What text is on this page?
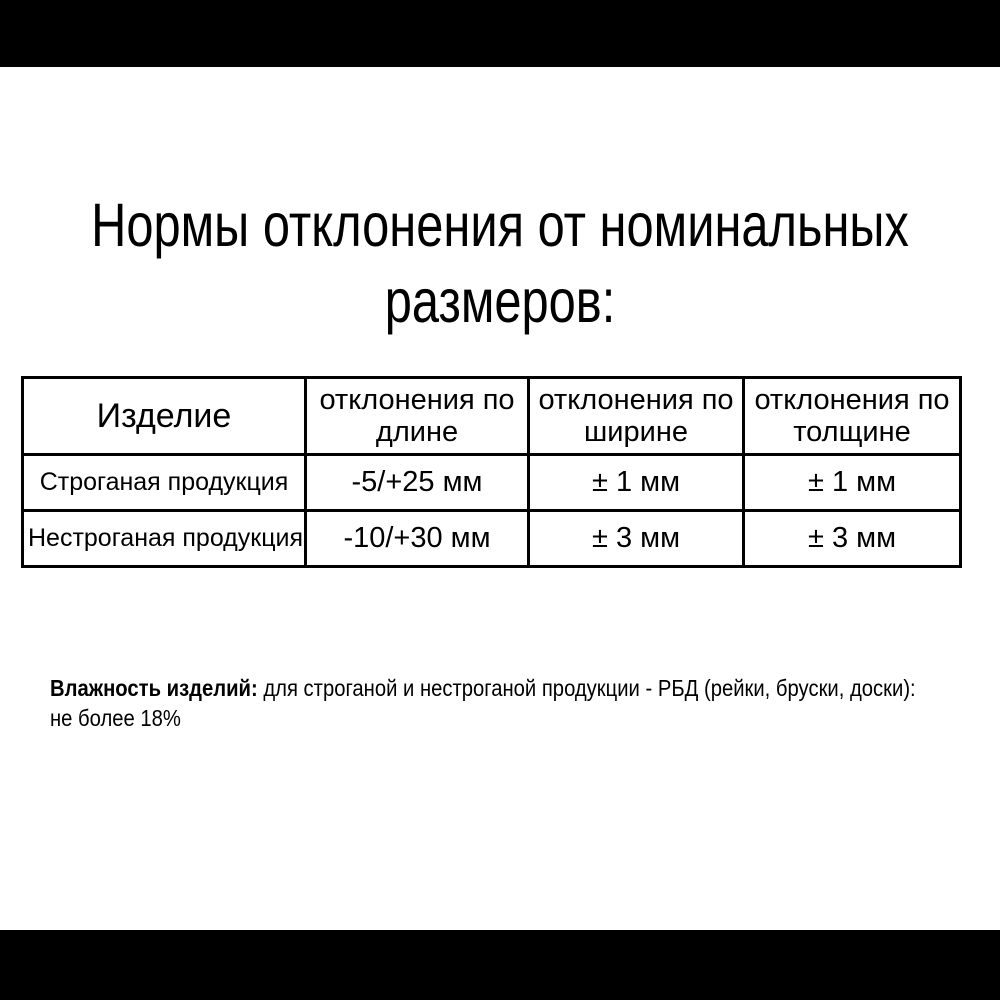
Нормы отклонения от номинальных размеров:
Изделие	отклонения по длине	отклонения по ширине	отклонения по толщине
Строганая продукция	-5/+25 мм	± 1 мм	± 1 мм
Нестроганая продукция	-10/+30 мм	± 3 мм	± 3 мм
Влажность изделий: для строганой и нестроганой продукции - РБД (рейки, бруски, доски):
не более 18%
